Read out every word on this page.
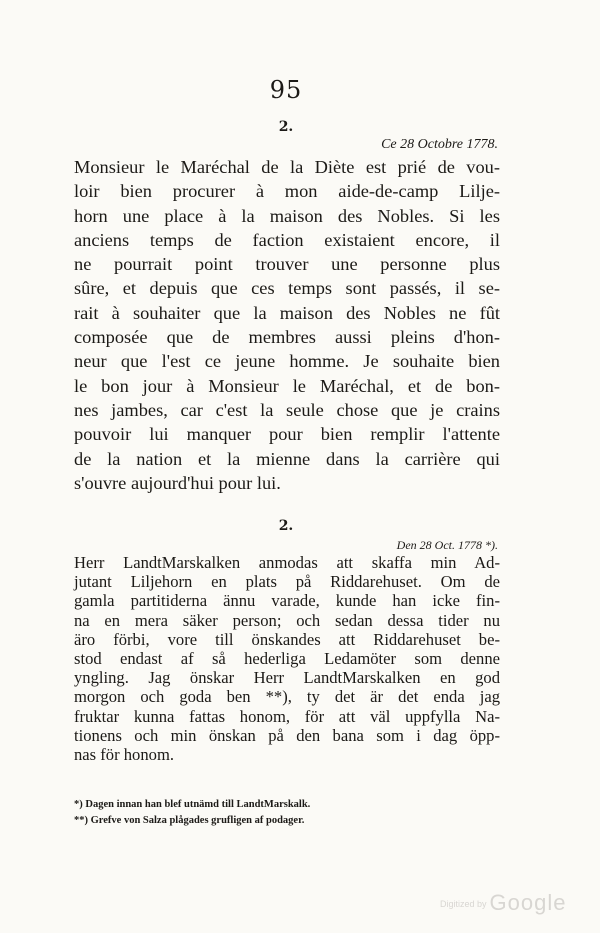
95
2.
Ce 28 Octobre 1778.
Monsieur le Maréchal de la Diète est prié de vou-
loir bien procurer à mon aide-de-camp Lilje-
horn une place à la maison des Nobles. Si les
anciens temps de faction existaient encore, il
ne pourrait point trouver une personne plus
sûre, et depuis que ces temps sont passés, il se-
rait à souhaiter que la maison des Nobles ne fût
composée que de membres aussi pleins d'hon-
neur que l'est ce jeune homme. Je souhaite bien
le bon jour à Monsieur le Maréchal, et de bon-
nes jambes, car c'est la seule chose que je crains
pouvoir lui manquer pour bien remplir l'attente
de la nation et la mienne dans la carrière qui
s'ouvre aujourd'hui pour lui.
2.
Den 28 Oct. 1778 *).
Herr LandtMarskalken anmodas att skaffa min Ad-
jutant Liljehorn en plats på Riddarehuset. Om de
gamla partitiderna ännu varade, kunde han icke fin-
na en mera säker person; och sedan dessa tider nu
äro förbi, vore till önskandes att Riddarehuset be-
stod endast af så hederliga Ledamöter som denne
yngling. Jag önskar Herr LandtMarskalken en god
morgon och goda ben **), ty det är det enda jag
fruktar kunna fattas honom, för att väl uppfylla Na-
tionens och min önskan på den bana som i dag öpp-
nas för honom.
*) Dagen innan han blef utnämd till LandtMarskalk.
**) Grefve von Salza plågades grufligen af podager.
Digitized by Google
